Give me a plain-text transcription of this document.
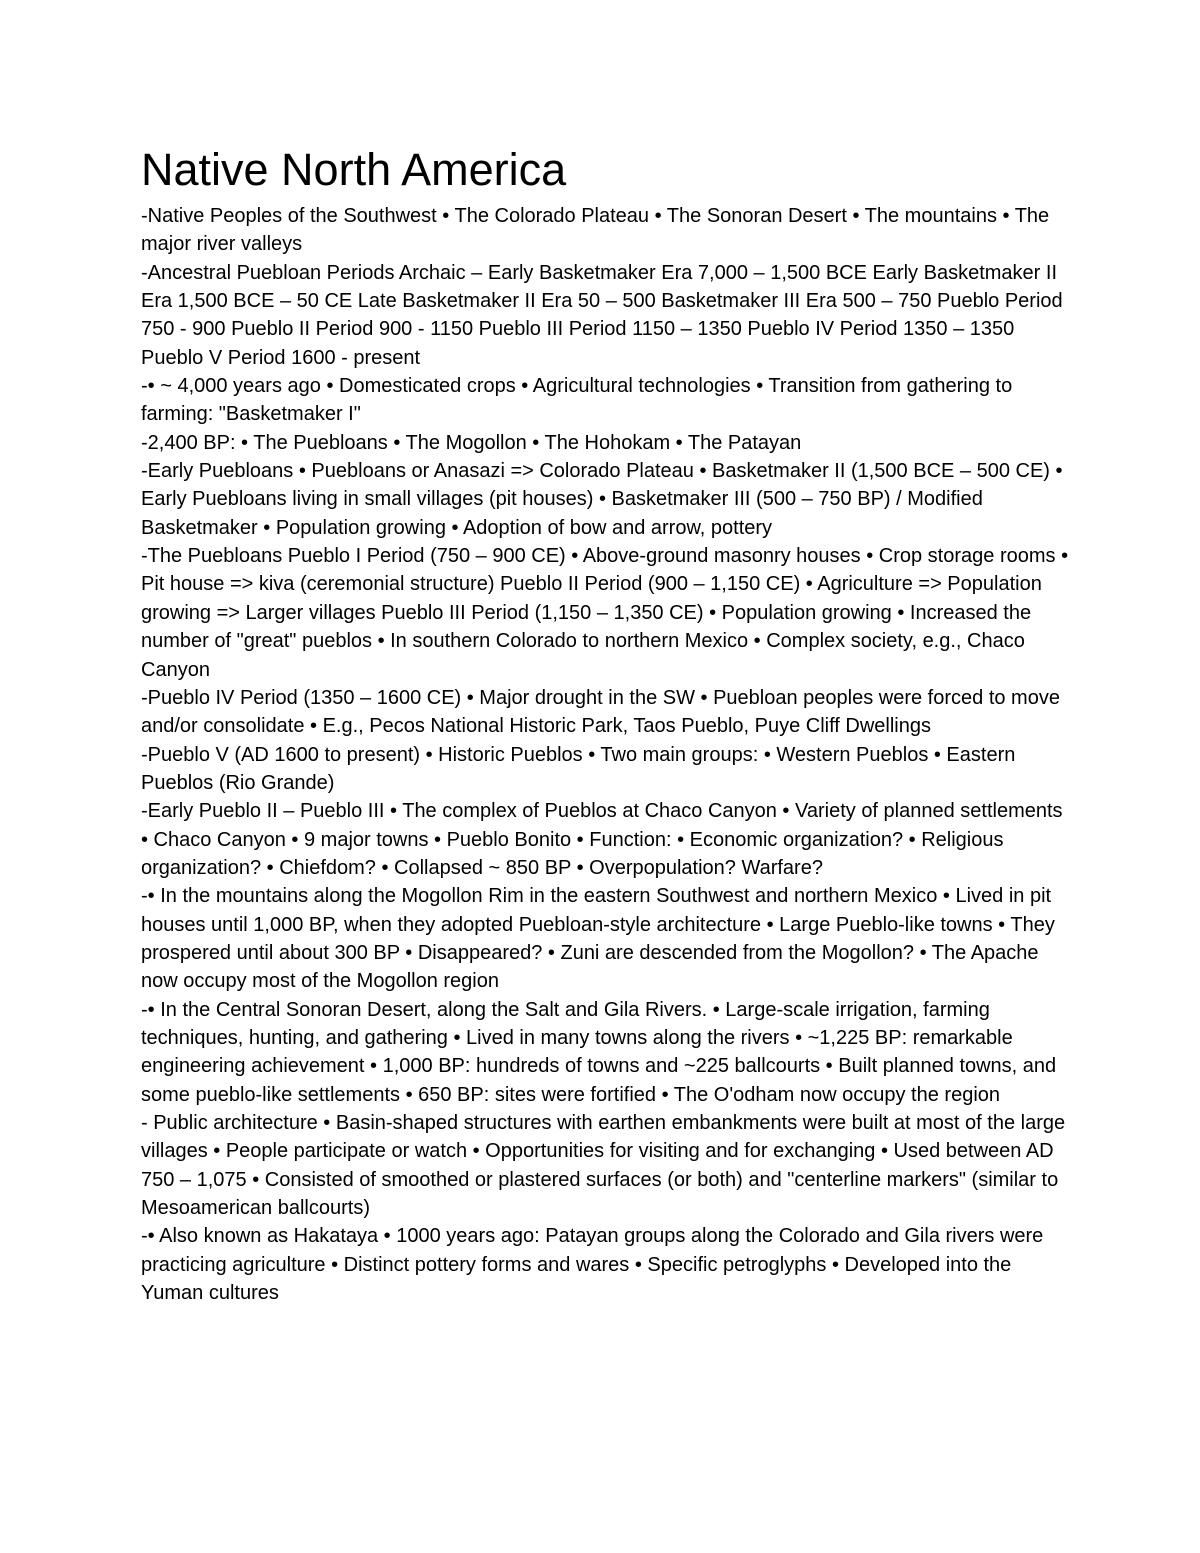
Native North America

-Native Peoples of the Southwest • The Colorado Plateau • The Sonoran Desert • The mountains • The major river valleys

-Ancestral Puebloan Periods Archaic – Early Basketmaker Era 7,000 – 1,500 BCE Early Basketmaker II Era 1,500 BCE – 50 CE Late Basketmaker II Era 50 – 500 Basketmaker III Era 500 – 750 Pueblo Period 750 - 900 Pueblo II Period 900 - 1150 Pueblo III Period 1150 – 1350 Pueblo IV Period 1350 – 1350 Pueblo V Period 1600 - present

-• ~ 4,000 years ago • Domesticated crops • Agricultural technologies • Transition from gathering to farming: "Basketmaker I"

-2,400 BP: • The Puebloans • The Mogollon • The Hohokam • The Patayan

-Early Puebloans • Puebloans or Anasazi => Colorado Plateau • Basketmaker II (1,500 BCE – 500 CE) • Early Puebloans living in small villages (pit houses) • Basketmaker III (500 – 750 BP) / Modified Basketmaker • Population growing • Adoption of bow and arrow, pottery

-The Puebloans Pueblo I Period (750 – 900 CE) • Above-ground masonry houses • Crop storage rooms • Pit house => kiva (ceremonial structure) Pueblo II Period (900 – 1,150 CE) • Agriculture => Population growing => Larger villages Pueblo III Period (1,150 – 1,350 CE) • Population growing • Increased the number of "great" pueblos • In southern Colorado to northern Mexico • Complex society, e.g., Chaco Canyon

-Pueblo IV Period (1350 – 1600 CE) • Major drought in the SW • Puebloan peoples were forced to move and/or consolidate • E.g., Pecos National Historic Park, Taos Pueblo, Puye Cliff Dwellings

-Pueblo V (AD 1600 to present) • Historic Pueblos • Two main groups: • Western Pueblos • Eastern Pueblos (Rio Grande)

-Early Pueblo II – Pueblo III • The complex of Pueblos at Chaco Canyon • Variety of planned settlements • Chaco Canyon • 9 major towns • Pueblo Bonito • Function: • Economic organization? • Religious organization? • Chiefdom? • Collapsed ~ 850 BP • Overpopulation? Warfare?

-• In the mountains along the Mogollon Rim in the eastern Southwest and northern Mexico • Lived in pit houses until 1,000 BP, when they adopted Puebloan-style architecture • Large Pueblo-like towns • They prospered until about 300 BP • Disappeared? • Zuni are descended from the Mogollon? • The Apache now occupy most of the Mogollon region

-• In the Central Sonoran Desert, along the Salt and Gila Rivers. • Large-scale irrigation, farming techniques, hunting, and gathering • Lived in many towns along the rivers • ~1,225 BP: remarkable engineering achievement • 1,000 BP: hundreds of towns and ~225 ballcourts • Built planned towns, and some pueblo-like settlements • 650 BP: sites were fortified • The O'odham now occupy the region

- Public architecture • Basin-shaped structures with earthen embankments were built at most of the large villages • People participate or watch • Opportunities for visiting and for exchanging • Used between AD 750 – 1,075 • Consisted of smoothed or plastered surfaces (or both) and "centerline markers" (similar to Mesoamerican ballcourts)

-• Also known as Hakataya • 1000 years ago: Patayan groups along the Colorado and Gila rivers were practicing agriculture • Distinct pottery forms and wares • Specific petroglyphs • Developed into the Yuman cultures
